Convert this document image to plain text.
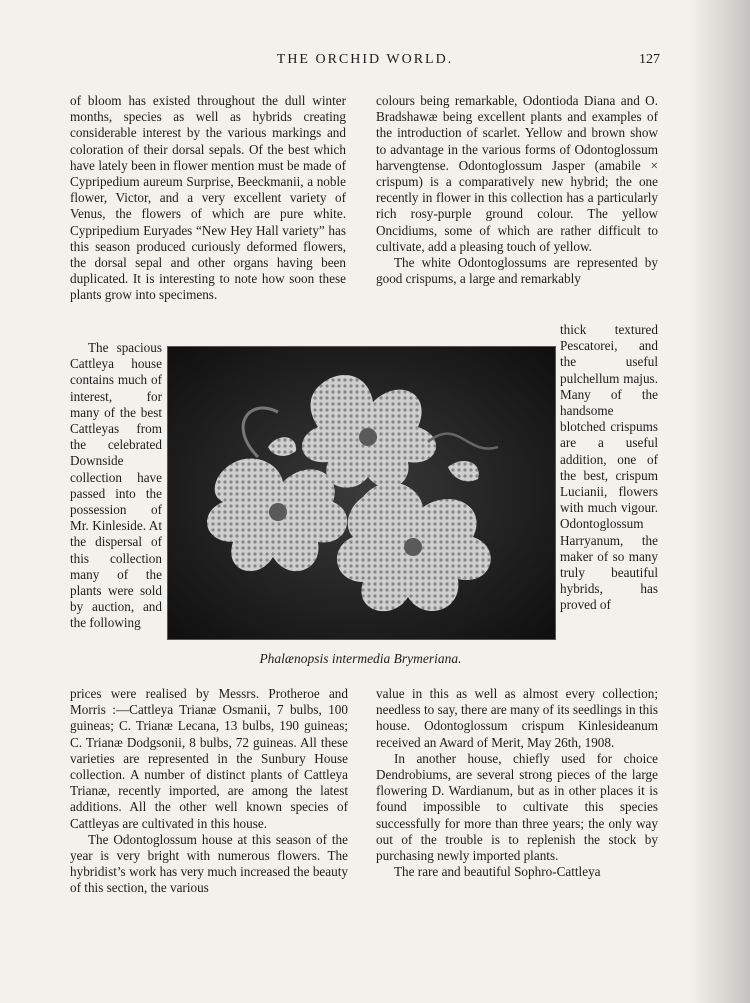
THE ORCHID WORLD.	127

of bloom has existed throughout the dull winter months, species as well as hybrids creating considerable interest by the various markings and coloration of their dorsal sepals. Of the best which have lately been in flower mention must be made of Cypripedium aureum Surprise, Beeckmanii, a noble flower, Victor, and a very excellent variety of Venus, the flowers of which are pure white. Cypripedium Euryades “New Hey Hall variety” has this season produced curiously deformed flowers, the dorsal sepal and other organs having been duplicated. It is interesting to note how soon these plants grow into specimens.

The spacious Cattleya house contains much of interest, for many of the best Cattleyas from the celebrated Downside collection have passed into the possession of Mr. Kinleside. At the dispersal of this collection many of the plants were sold by auction, and the following

prices were realised by Messrs. Protheroe and Morris :—Cattleya Trianæ Osmanii, 7 bulbs, 100 guineas; C. Trianæ Lecana, 13 bulbs, 190 guineas; C. Trianæ Dodgsonii, 8 bulbs, 72 guineas. All these varieties are represented in the Sunbury House collection. A number of distinct plants of Cattleya Trianæ, recently imported, are among the latest additions. All the other well known species of Cattleyas are cultivated in this house.

The Odontoglossum house at this season of the year is very bright with numerous flowers. The hybridist’s work has very much increased the beauty of this section, the various

colours being remarkable, Odontioda Diana and O. Bradshawæ being excellent plants and examples of the introduction of scarlet. Yellow and brown show to advantage in the various forms of Odontoglossum harvengtense. Odontoglossum Jasper (amabile × crispum) is a comparatively new hybrid; the one recently in flower in this collection has a particularly rich rosy-purple ground colour. The yellow Oncidiums, some of which are rather difficult to cultivate, add a pleasing touch of yellow.

The white Odontoglossums are represented by good crispums, a large and remarkably

thick textured Pescatorei, and the useful pulchellum majus. Many of the handsome blotched crispums are a useful addition, one of the best, crispum Lucianii, flowers with much vigour. Odontoglossum Harryanum, the maker of so many truly beautiful hybrids, has proved of

value in this as well as almost every collection; needless to say, there are many of its seedlings in this house. Odontoglossum crispum Kinlesideanum received an Award of Merit, May 26th, 1908.

In another house, chiefly used for choice Dendrobiums, are several strong pieces of the large flowering D. Wardianum, but as in other places it is found impossible to cultivate this species successfully for more than three years; the only way out of the trouble is to replenish the stock by purchasing newly imported plants.

The rare and beautiful Sophro-Cattleya

Phalænopsis intermedia Brymeriana.
